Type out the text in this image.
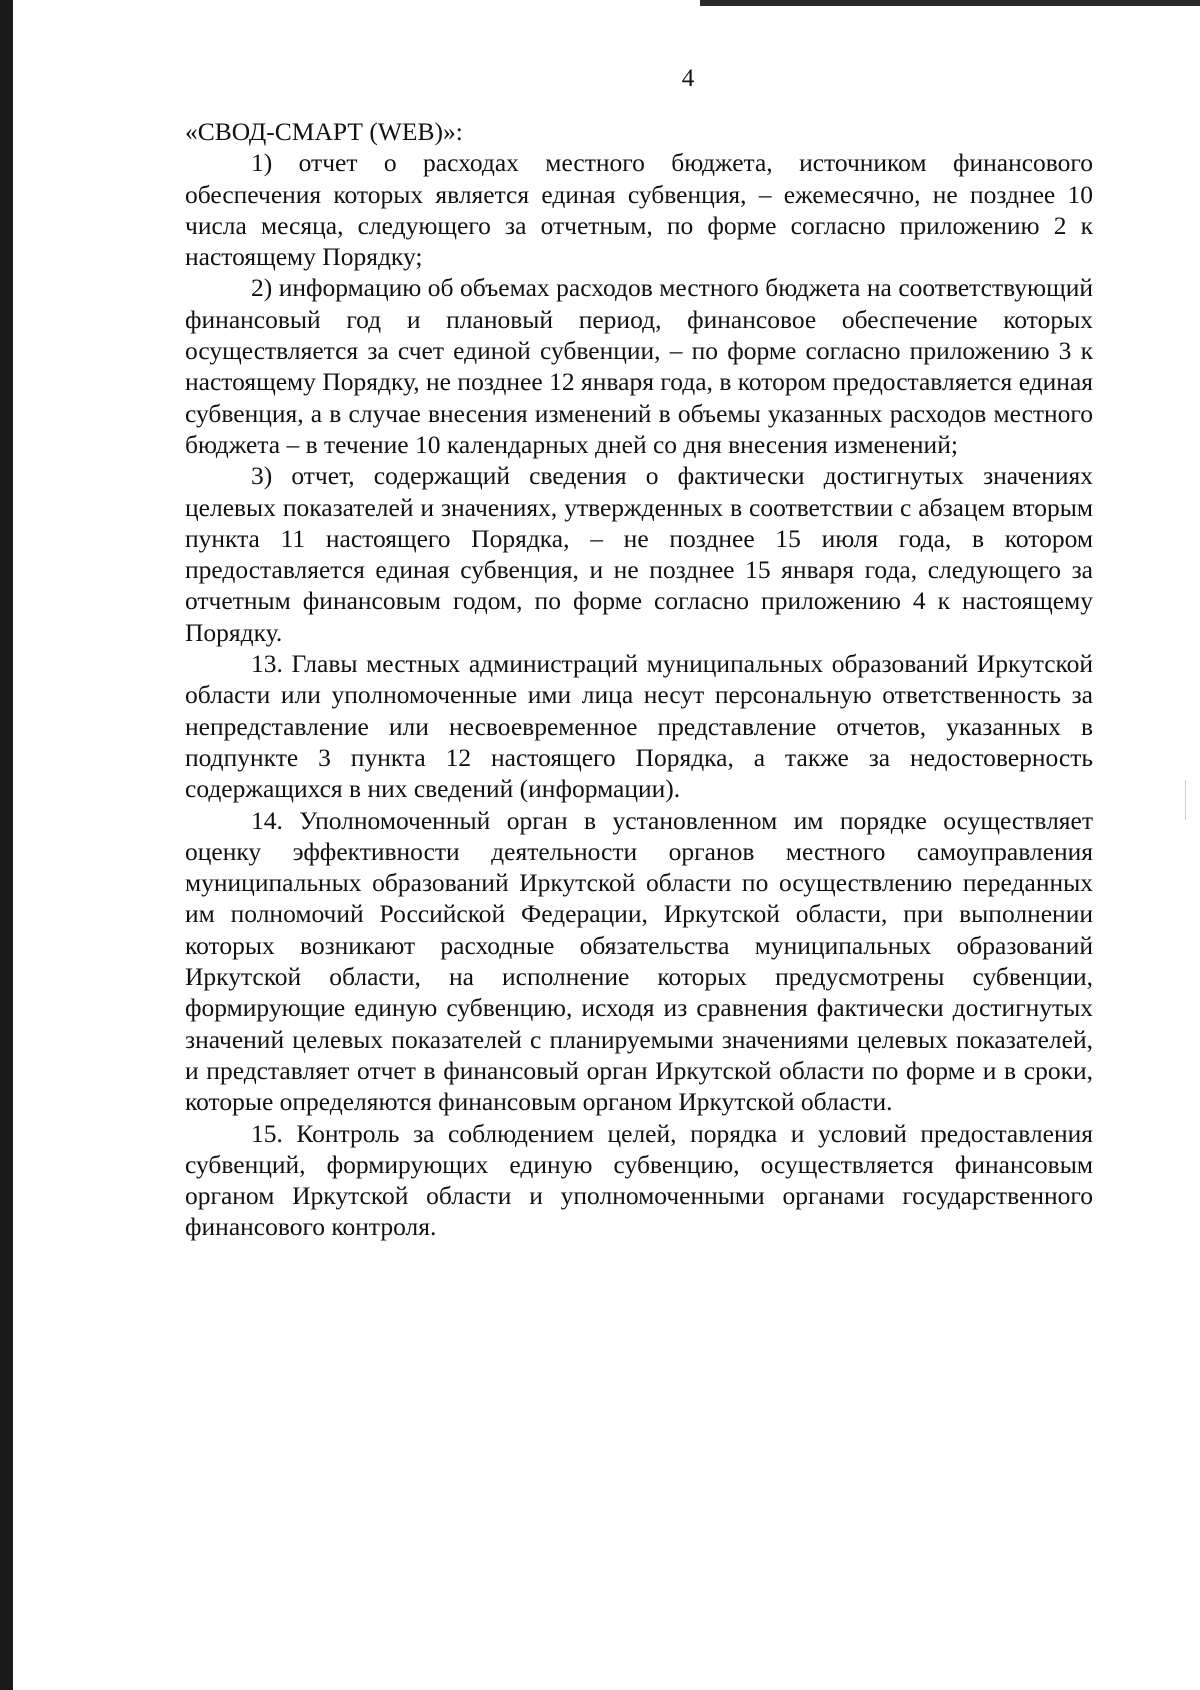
4

«СВОД-СМАРТ (WEB)»:

1) отчет о расходах местного бюджета, источником финансового обеспечения которых является единая субвенция, – ежемесячно, не позднее 10 числа месяца, следующего за отчетным, по форме согласно приложению 2 к настоящему Порядку;

2) информацию об объемах расходов местного бюджета на соответствующий финансовый год и плановый период, финансовое обеспечение которых осуществляется за счет единой субвенции, – по форме согласно приложению 3 к настоящему Порядку, не позднее 12 января года, в котором предоставляется единая субвенция, а в случае внесения изменений в объемы указанных расходов местного бюджета – в течение 10 календарных дней со дня внесения изменений;

3) отчет, содержащий сведения о фактически достигнутых значениях целевых показателей и значениях, утвержденных в соответствии с абзацем вторым пункта 11 настоящего Порядка, – не позднее 15 июля года, в котором предоставляется единая субвенция, и не позднее 15 января года, следующего за отчетным финансовым годом, по форме согласно приложению 4 к настоящему Порядку.

13. Главы местных администраций муниципальных образований Иркутской области или уполномоченные ими лица несут персональную ответственность за непредставление или несвоевременное представление отчетов, указанных в подпункте 3 пункта 12 настоящего Порядка, а также за недостоверность содержащихся в них сведений (информации).

14. Уполномоченный орган в установленном им порядке осуществляет оценку эффективности деятельности органов местного самоуправления муниципальных образований Иркутской области по осуществлению переданных им полномочий Российской Федерации, Иркутской области, при выполнении которых возникают расходные обязательства муниципальных образований Иркутской области, на исполнение которых предусмотрены субвенции, формирующие единую субвенцию, исходя из сравнения фактически достигнутых значений целевых показателей с планируемыми значениями целевых показателей, и представляет отчет в финансовый орган Иркутской области по форме и в сроки, которые определяются финансовым органом Иркутской области.

15. Контроль за соблюдением целей, порядка и условий предоставления субвенций, формирующих единую субвенцию, осуществляется финансовым органом Иркутской области и уполномоченными органами государственного финансового контроля.
